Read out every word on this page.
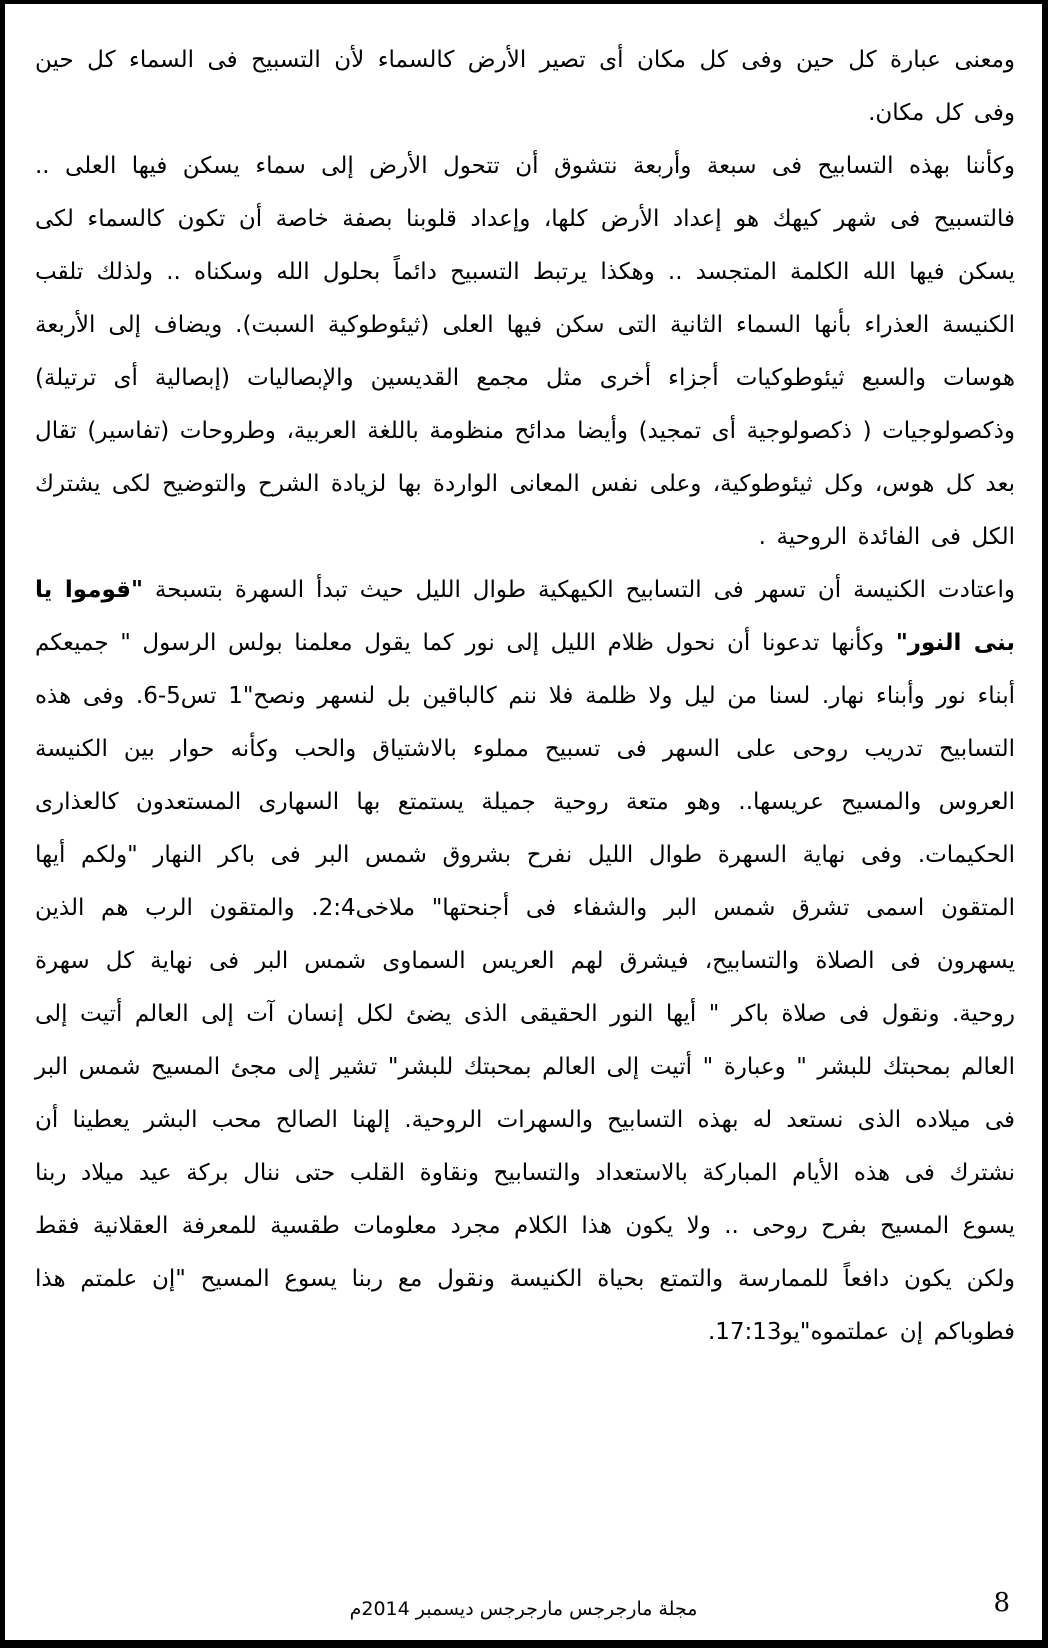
ومعنى عبارة كل حين وفى كل مكان أى تصير الأرض كالسماء لأن التسبيح فى السماء كل حين وفى كل مكان.

وكأننا بهذه التسابيح فى سبعة وأربعة نتشوق أن تتحول الأرض إلى سماء يسكن فيها العلى .. فالتسبيح فى شهر كيهك هو إعداد الأرض كلها، وإعداد قلوبنا بصفة خاصة أن تكون كالسماء لكى يسكن فيها الله الكلمة المتجسد .. وهكذا يرتبط التسبيح دائماً بحلول الله وسكناه .. ولذلك تلقب الكنيسة العذراء بأنها السماء الثانية التى سكن فيها العلى (ثيئوطوكية السبت). ويضاف إلى الأربعة هوسات والسبع ثيئوطوكيات أجزاء أخرى مثل مجمع القديسين والإبصاليات (إبصالية أى ترتيلة) وذكصولوجيات ( ذكصولوجية أى تمجيد) وأيضا مدائح منظومة باللغة العربية، وطروحات (تفاسير) تقال بعد كل هوس، وكل ثيئوطوكية، وعلى نفس المعانى الواردة بها لزيادة الشرح والتوضيح لكى يشترك الكل فى الفائدة الروحية .

واعتادت الكنيسة أن تسهر فى التسابيح الكيهكية طوال الليل حيث تبدأ السهرة بتسبحة "قوموا يا بنى النور" وكأنها تدعونا أن نحول ظلام الليل إلى نور كما يقول معلمنا بولس الرسول " جميعكم أبناء نور وأبناء نهار. لسنا من ليل ولا ظلمة فلا ننم كالباقين بل لنسهر ونصح"1 تس5‏-‏6. وفى هذه التسابيح تدريب روحى على السهر فى تسبيح مملوء بالاشتياق والحب وكأنه حوار بين الكنيسة العروس والمسيح عريسها.. وهو متعة روحية جميلة يستمتع بها السهارى المستعدون كالعذارى الحكيمات. وفى نهاية السهرة طوال الليل نفرح بشروق شمس البر فى باكر النهار "ولكم أيها المتقون اسمى تشرق شمس البر والشفاء فى أجنحتها" ملاخى2:4. والمتقون الرب هم الذين يسهرون فى الصلاة والتسابيح، فيشرق لهم العريس السماوى شمس البر فى نهاية كل سهرة روحية. ونقول فى صلاة باكر " أيها النور الحقيقى الذى يضئ لكل إنسان آت إلى العالم أتيت إلى العالم بمحبتك للبشر " وعبارة " أتيت إلى العالم بمحبتك للبشر" تشير إلى مجئ المسيح شمس البر فى ميلاده الذى نستعد له بهذه التسابيح والسهرات الروحية. إلهنا الصالح محب البشر يعطينا أن نشترك فى هذه الأيام المباركة بالاستعداد والتسابيح ونقاوة القلب حتى ننال بركة عيد ميلاد ربنا يسوع المسيح بفرح روحى .. ولا يكون هذا الكلام مجرد معلومات طقسية للمعرفة العقلانية فقط ولكن يكون دافعاً للممارسة والتمتع بحياة الكنيسة ونقول مع ربنا يسوع المسيح "إن علمتم هذا فطوباكم إن عملتموه"يو17:13.

مجلة مارجرجس مارجرجس ديسمبر 2014م	8
